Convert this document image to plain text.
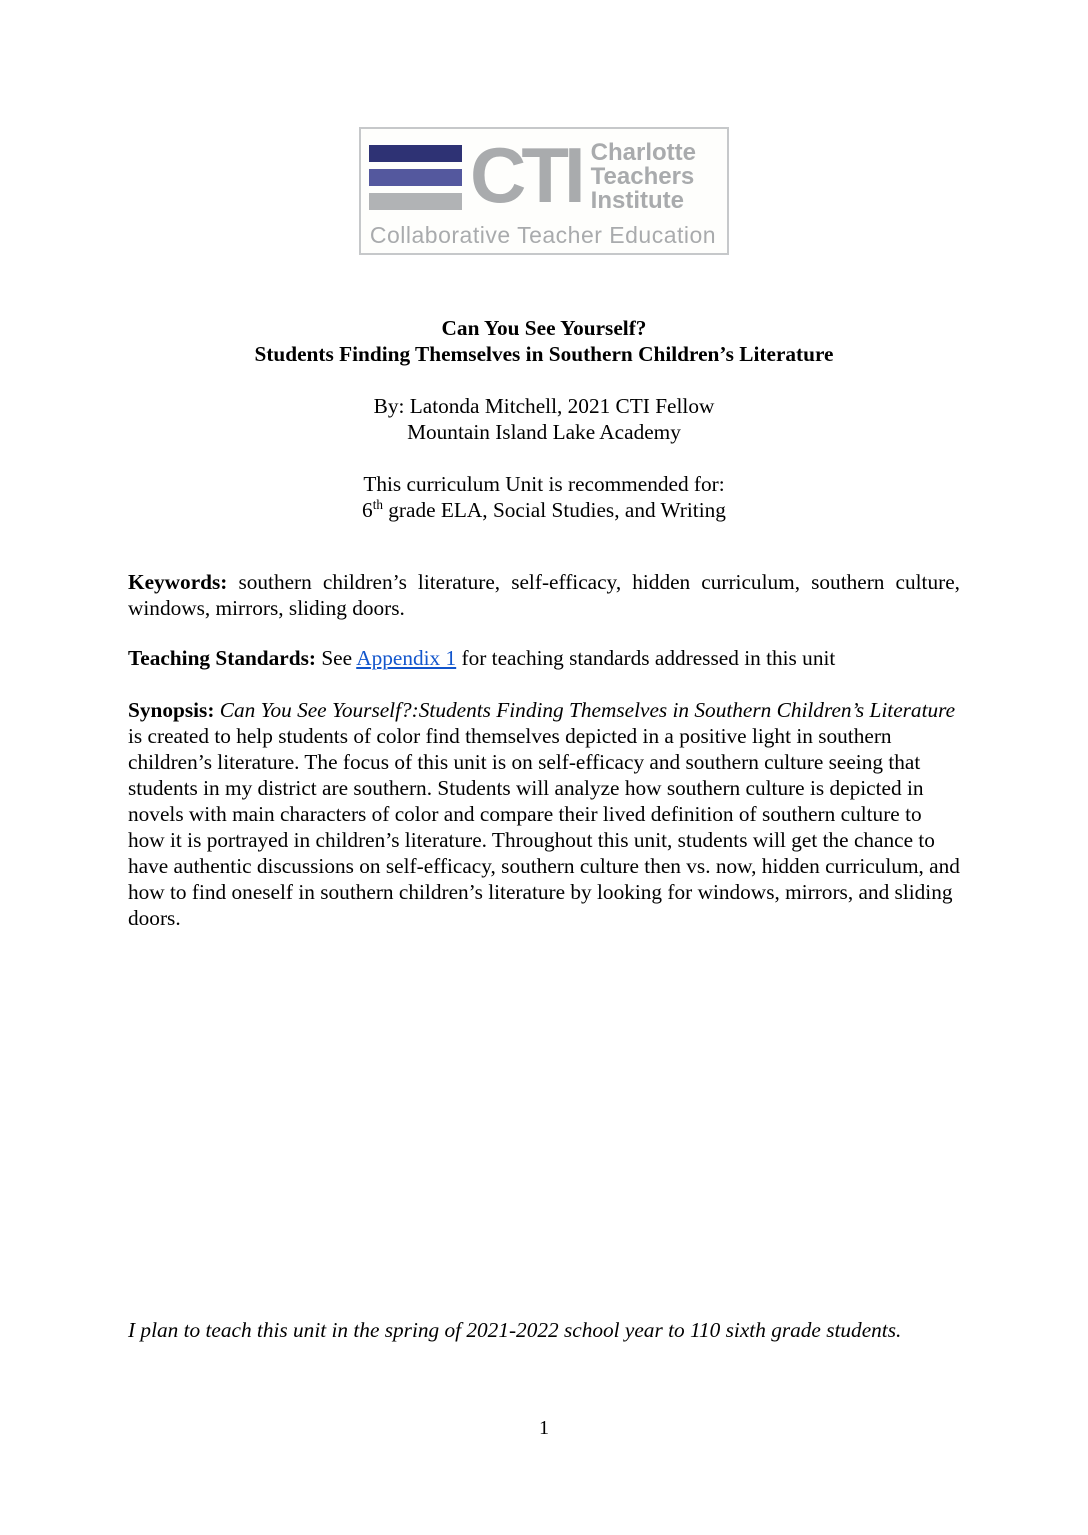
CTI Charlotte
Teachers
Institute
Collaborative Teacher Education
Can You See Yourself?
Students Finding Themselves in Southern Children’s Literature
By: Latonda Mitchell, 2021 CTI Fellow
Mountain Island Lake Academy
This curriculum Unit is recommended for:
6th grade ELA, Social Studies, and Writing

Keywords: southern children’s literature, self-efficacy, hidden curriculum, southern culture, windows, mirrors, sliding doors.

Teaching Standards: See Appendix 1 for teaching standards addressed in this unit

Synopsis: Can You See Yourself?:Students Finding Themselves in Southern Children’s Literature is created to help students of color find themselves depicted in a positive light in southern children’s literature. The focus of this unit is on self-efficacy and southern culture seeing that students in my district are southern. Students will analyze how southern culture is depicted in novels with main characters of color and compare their lived definition of southern culture to how it is portrayed in children’s literature. Throughout this unit, students will get the chance to have authentic discussions on self-efficacy, southern culture then vs. now, hidden curriculum, and how to find oneself in southern children’s literature by looking for windows, mirrors, and sliding doors.

I plan to teach this unit in the spring of 2021-2022 school year to 110 sixth grade students.

1
